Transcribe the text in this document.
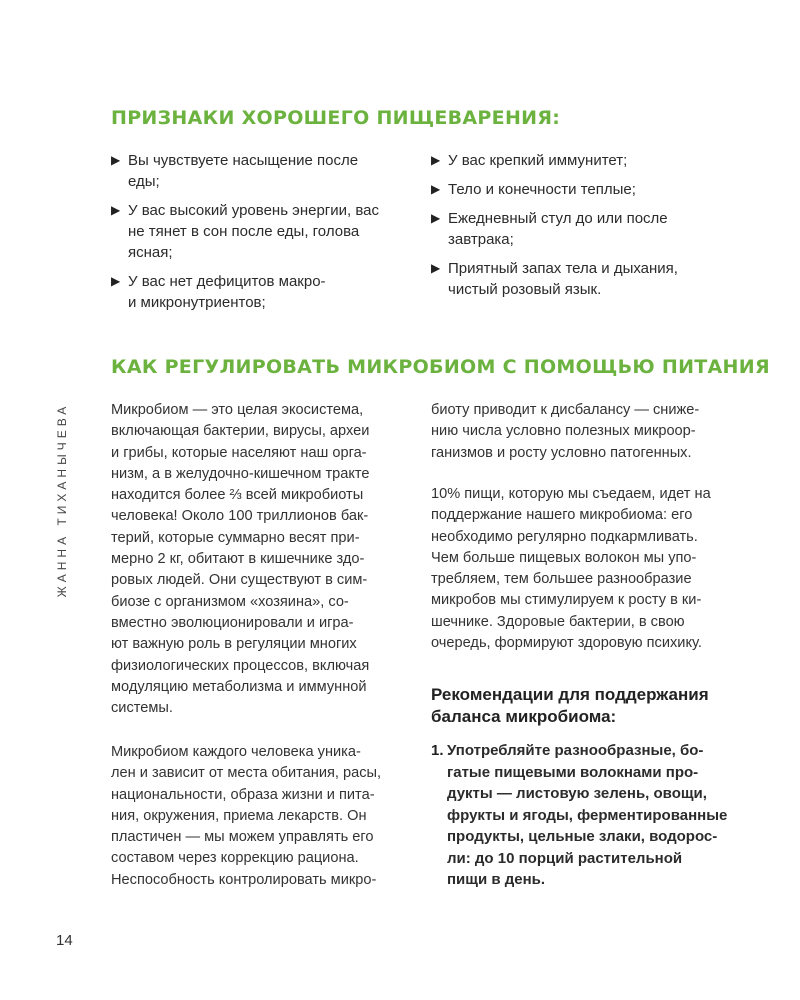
ЖАННА ТИХАНЫЧЕВА
ПРИЗНАКИ ХОРОШЕГО ПИЩЕВАРЕНИЯ:
▶ Вы чувствуете насыщение после
еды;
▶ У вас высокий уровень энергии, вас
не тянет в сон после еды, голова
ясная;
▶ У вас нет дефицитов макро-
и микронутриентов;
▶ У вас крепкий иммунитет;
▶ Тело и конечности теплые;
▶ Ежедневный стул до или после
завтрака;
▶ Приятный запах тела и дыхания,
чистый розовый язык.
КАК РЕГУЛИРОВАТЬ МИКРОБИОМ С ПОМОЩЬЮ ПИТАНИЯ

Микробиом — это целая экосистема,
включающая бактерии, вирусы, археи
и грибы, которые населяют наш орга-
низм, а в желудочно-кишечном тракте
находится более ⅔ всей микробиоты
человека! Около 100 триллионов бак-
терий, которые суммарно весят при-
мерно 2 кг, обитают в кишечнике здо-
ровых людей. Они существуют в сим-
биозе с организмом «хозяина», со-
вместно эволюционировали и игра-
ют важную роль в регуляции многих
физиологических процессов, включая
модуляцию метаболизма и иммунной
системы.

Микробиом каждого человека уника-
лен и зависит от места обитания, расы,
национальности, образа жизни и пита-
ния, окружения, приема лекарств. Он
пластичен — мы можем управлять его
составом через коррекцию рациона.
Неспособность контролировать микро-

биоту приводит к дисбалансу — сниже-
нию числа условно полезных микроор-
ганизмов и росту условно патогенных.

10% пищи, которую мы съедаем, идет на
поддержание нашего микробиома: его
необходимо регулярно подкармливать.
Чем больше пищевых волокон мы упо-
требляем, тем большее разнообразие
микробов мы стимулируем к росту в ки-
шечнике. Здоровые бактерии, в свою
очередь, формируют здоровую психику.

Рекомендации для поддержания
баланса микробиома:
1. Употребляйте разнообразные, бо-
гатые пищевыми волокнами про-
дукты — листовую зелень, овощи,
фрукты и ягоды, ферментированные
продукты, цельные злаки, водорос-
ли: до 10 порций растительной
пищи в день.
14
